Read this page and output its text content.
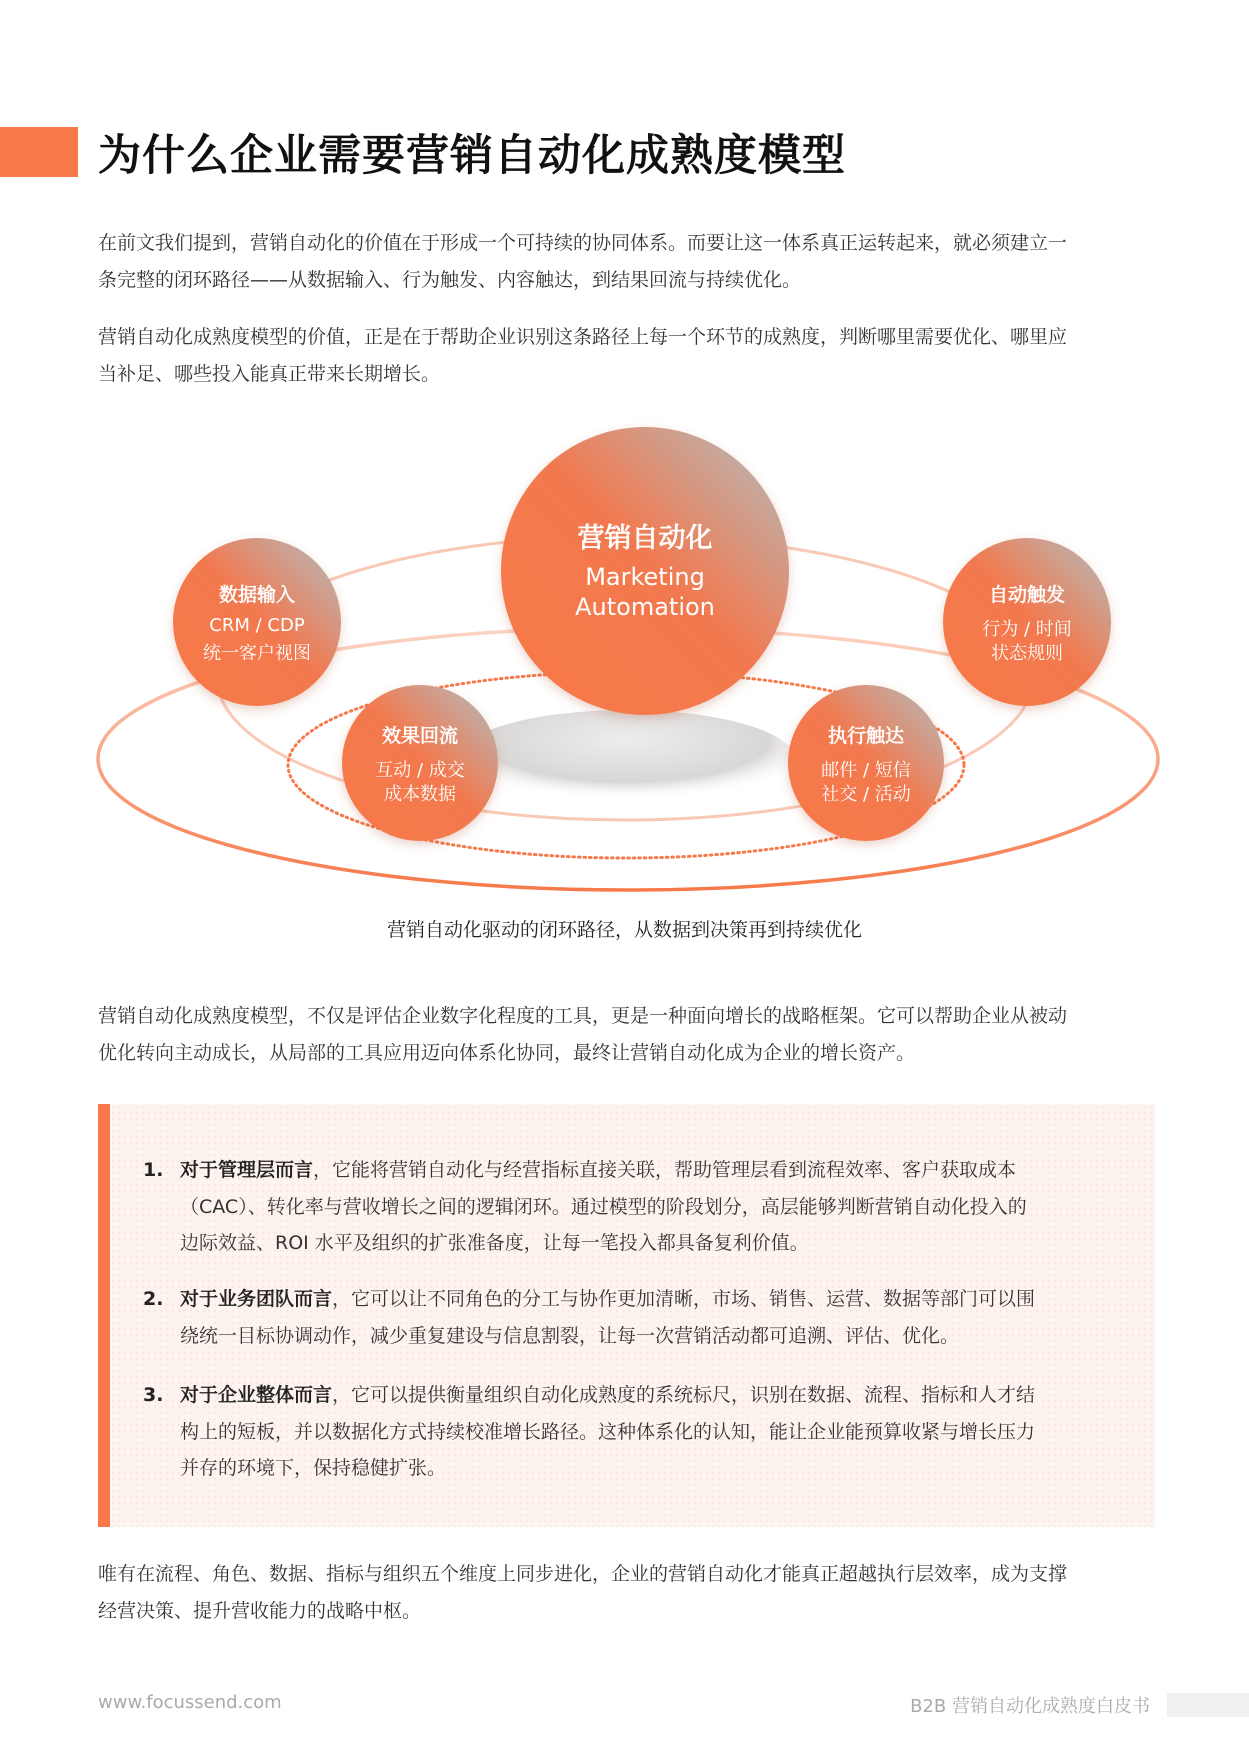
为什么企业需要营销自动化成熟度模型
在前文我们提到，营销自动化的价值在于形成一个可持续的协同体系。而要让这一体系真正运转起来，就必须建立一
条完整的闭环路径——从数据输入、行为触发、内容触达，到结果回流与持续优化。
营销自动化成熟度模型的价值，正是在于帮助企业识别这条路径上每一个环节的成熟度，判断哪里需要优化、哪里应
当补足、哪些投入能真正带来长期增长。
营销自动化
Marketing
Automation
数据输入
CRM / CDP
统一客户视图
自动触发
行为 / 时间
状态规则
效果回流
互动 / 成交
成本数据
执行触达
邮件 / 短信
社交 / 活动
营销自动化驱动的闭环路径，从数据到决策再到持续优化
营销自动化成熟度模型，不仅是评估企业数字化程度的工具，更是一种面向增长的战略框架。它可以帮助企业从被动
优化转向主动成长，从局部的工具应用迈向体系化协同，最终让营销自动化成为企业的增长资产。
1. 对于管理层而言，它能将营销自动化与经营指标直接关联，帮助管理层看到流程效率、客户获取成本
（CAC）、转化率与营收增长之间的逻辑闭环。通过模型的阶段划分，高层能够判断营销自动化投入的
边际效益、ROI 水平及组织的扩张准备度，让每一笔投入都具备复利价值。
2. 对于业务团队而言，它可以让不同角色的分工与协作更加清晰，市场、销售、运营、数据等部门可以围
绕统一目标协调动作，减少重复建设与信息割裂，让每一次营销活动都可追溯、评估、优化。
3. 对于企业整体而言，它可以提供衡量组织自动化成熟度的系统标尺，识别在数据、流程、指标和人才结
构上的短板，并以数据化方式持续校准增长路径。这种体系化的认知，能让企业能预算收紧与增长压力
并存的环境下，保持稳健扩张。
唯有在流程、角色、数据、指标与组织五个维度上同步进化，企业的营销自动化才能真正超越执行层效率，成为支撑
经营决策、提升营收能力的战略中枢。
www.focussend.com	B2B 营销自动化成熟度白皮书
